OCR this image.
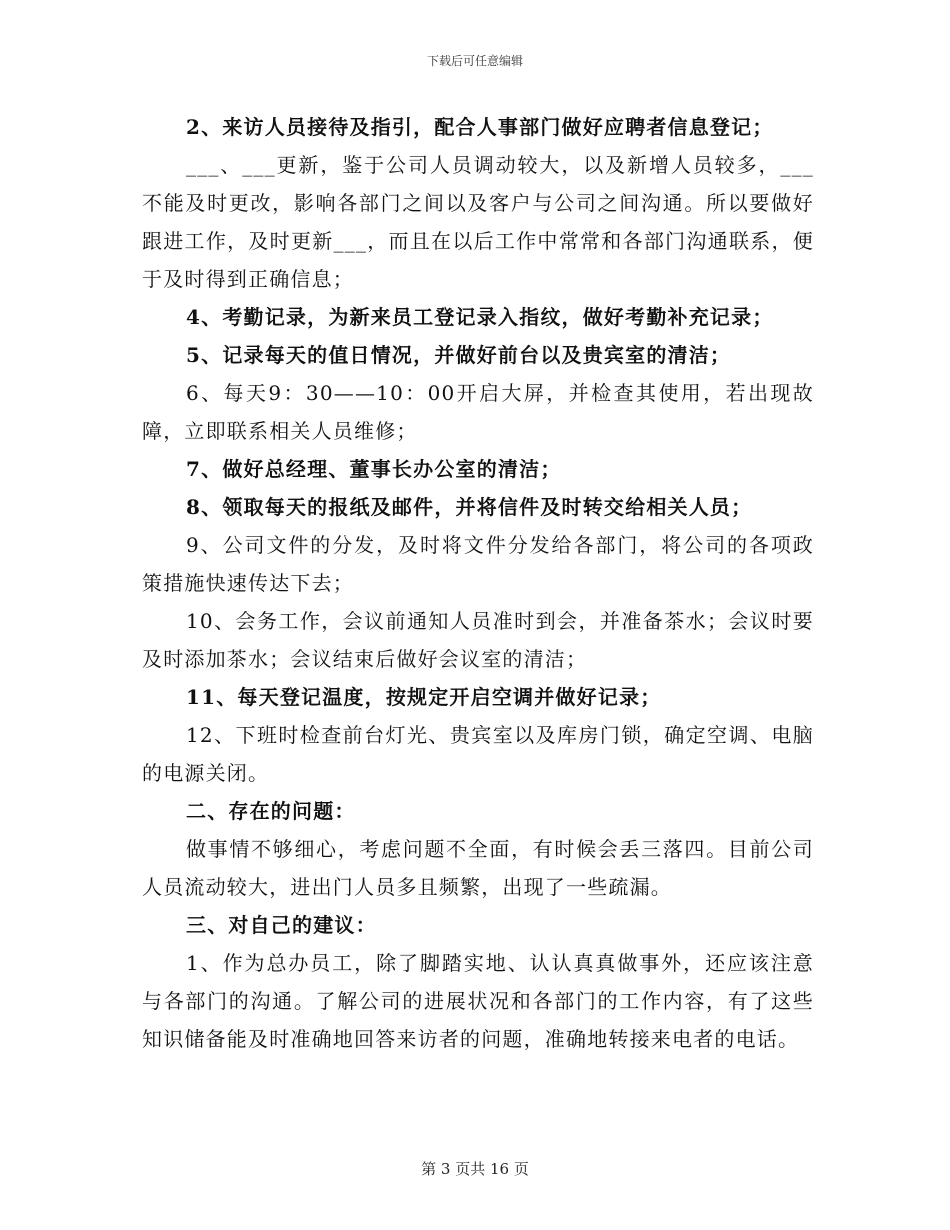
下载后可任意编辑

2、来访人员接待及指引，配合人事部门做好应聘者信息登记；

___、___更新，鉴于公司人员调动较大，以及新增人员较多，___不能及时更改，影响各部门之间以及客户与公司之间沟通。所以要做好跟进工作，及时更新___，而且在以后工作中常常和各部门沟通联系，便于及时得到正确信息；

4、考勤记录，为新来员工登记录入指纹，做好考勤补充记录；

5、记录每天的值日情况，并做好前台以及贵宾室的清洁；

6、每天9：30——10：00开启大屏，并检查其使用，若出现故障，立即联系相关人员维修；

7、做好总经理、董事长办公室的清洁；

8、领取每天的报纸及邮件，并将信件及时转交给相关人员；

9、公司文件的分发，及时将文件分发给各部门，将公司的各项政策措施快速传达下去；

10、会务工作，会议前通知人员准时到会，并准备茶水；会议时要及时添加茶水；会议结束后做好会议室的清洁；

11、每天登记温度，按规定开启空调并做好记录；

12、下班时检查前台灯光、贵宾室以及库房门锁，确定空调、电脑的电源关闭。

二、存在的问题：

做事情不够细心，考虑问题不全面，有时候会丢三落四。目前公司人员流动较大，进出门人员多且频繁，出现了一些疏漏。

三、对自己的建议：

1、作为总办员工，除了脚踏实地、认认真真做事外，还应该注意与各部门的沟通。了解公司的进展状况和各部门的工作内容，有了这些知识储备能及时准确地回答来访者的问题，准确地转接来电者的电话。

第 3 页共 16 页
